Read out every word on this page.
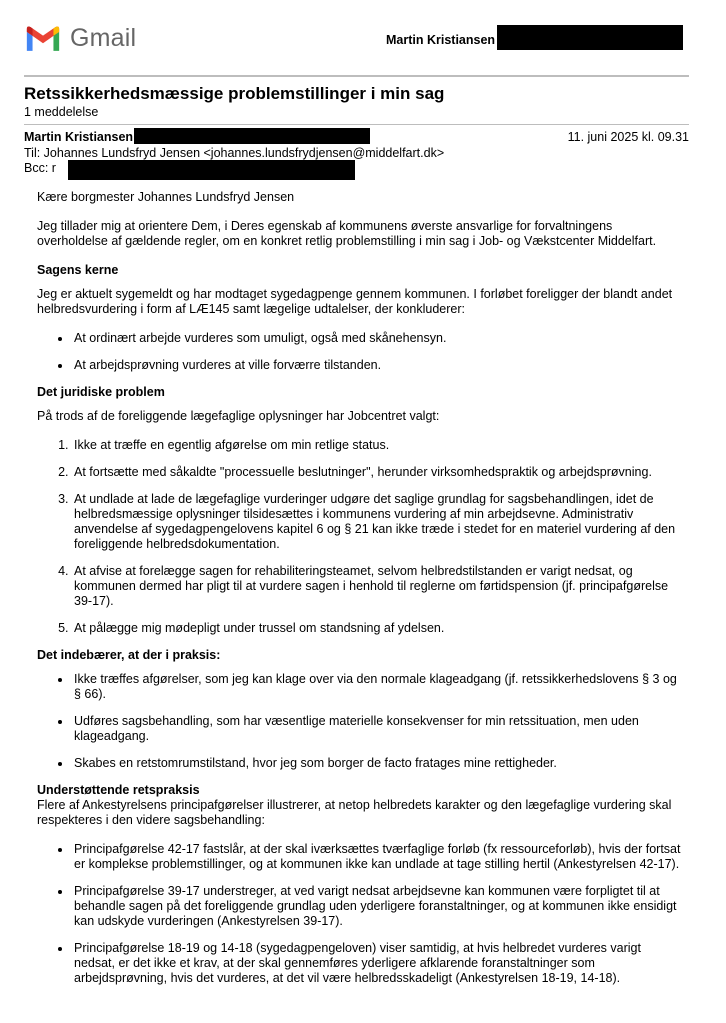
Gmail	Martin Kristiansen
Retssikkerhedsmæssige problemstillinger i min sag
1 meddelelse
Martin Kristiansen	11. juni 2025 kl. 09.31
Til: Johannes Lundsfryd Jensen <johannes.lundsfrydjensen@middelfart.dk>
Bcc: r

Kære borgmester Johannes Lundsfryd Jensen

Jeg tillader mig at orientere Dem, i Deres egenskab af kommunens øverste ansvarlige for forvaltningens overholdelse af gældende regler, om en konkret retlig problemstilling i min sag i Job- og Vækstcenter Middelfart.

Sagens kerne

Jeg er aktuelt sygemeldt og har modtaget sygedagpenge gennem kommunen. I forløbet foreligger der blandt andet helbredsvurdering i form af LÆ145 samt lægelige udtalelser, der konkluderer:

• At ordinært arbejde vurderes som umuligt, også med skånehensyn.
• At arbejdsprøvning vurderes at ville forværre tilstanden.
Det juridiske problem

På trods af de foreliggende lægefaglige oplysninger har Jobcentret valgt:

1. Ikke at træffe en egentlig afgørelse om min retlige status.
2. At fortsætte med såkaldte "processuelle beslutninger", herunder virksomhedspraktik og arbejdsprøvning.
3. At undlade at lade de lægefaglige vurderinger udgøre det saglige grundlag for sagsbehandlingen, idet de helbredsmæssige oplysninger tilsidesættes i kommunens vurdering af min arbejdsevne. Administrativ anvendelse af sygedagpengelovens kapitel 6 og § 21 kan ikke træde i stedet for en materiel vurdering af den foreliggende helbredsdokumentation.
4. At afvise at forelægge sagen for rehabiliteringsteamet, selvom helbredstilstanden er varigt nedsat, og kommunen dermed har pligt til at vurdere sagen i henhold til reglerne om førtidspension (jf. principafgørelse 39-17).
5. At pålægge mig mødepligt under trussel om standsning af ydelsen.
Det indebærer, at der i praksis:
• Ikke træffes afgørelser, som jeg kan klage over via den normale klageadgang (jf. retssikkerhedslovens § 3 og § 66).
• Udføres sagsbehandling, som har væsentlige materielle konsekvenser for min retssituation, men uden klageadgang.
• Skabes en retstomrumstilstand, hvor jeg som borger de facto fratages mine rettigheder.
Understøttende retspraksis

Flere af Ankestyrelsens principafgørelser illustrerer, at netop helbredets karakter og den lægefaglige vurdering skal respekteres i den videre sagsbehandling:

• Principafgørelse 42-17 fastslår, at der skal iværksættes tværfaglige forløb (fx ressourceforløb), hvis der fortsat er komplekse problemstillinger, og at kommunen ikke kan undlade at tage stilling hertil (Ankestyrelsen 42-17).
• Principafgørelse 39-17 understreger, at ved varigt nedsat arbejdsevne kan kommunen være forpligtet til at behandle sagen på det foreliggende grundlag uden yderligere foranstaltninger, og at kommunen ikke ensidigt kan udskyde vurderingen (Ankestyrelsen 39-17).
• Principafgørelse 18-19 og 14-18 (sygedagpengeloven) viser samtidig, at hvis helbredet vurderes varigt nedsat, er det ikke et krav, at der skal gennemføres yderligere afklarende foranstaltninger som arbejdsprøvning, hvis det vurderes, at det vil være helbredsskadeligt (Ankestyrelsen 18-19, 14-18).
